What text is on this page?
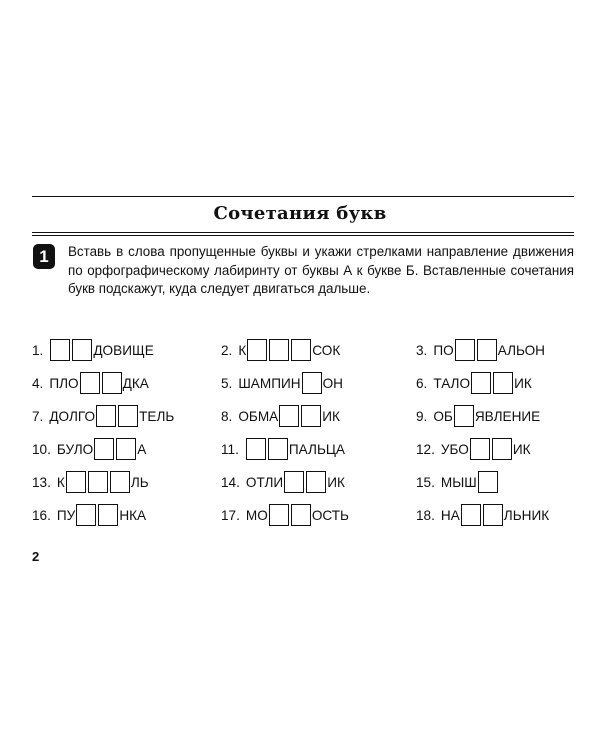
Сочетания букв
1	Вставь в слова пропущенные буквы и укажи стрелками направление движения по орфографическому лабиринту от буквы А к букве Б. Вставленные сочетания букв подскажут, куда следует двигаться дальше.
1.	ДОВИЩЕ	2. К	СОК	3. ПО	АЛЬОН
4. ПЛО	ДКА	5. ШАМПИН ОН	6. ТАЛО	ИК
7. ДОЛГО	ТЕЛЬ	8. ОБМА	ИК	9. ОБ ЯВЛЕНИЕ
10. БУЛО	А	11.	ПАЛЬЦА	12. УБО	ИК
13. К	ЛЬ	14. ОТЛИ	ИК	15. МЫШ
16. ПУ	НКА	17. МО	ОСТЬ	18. НА	ЛЬНИК
2
